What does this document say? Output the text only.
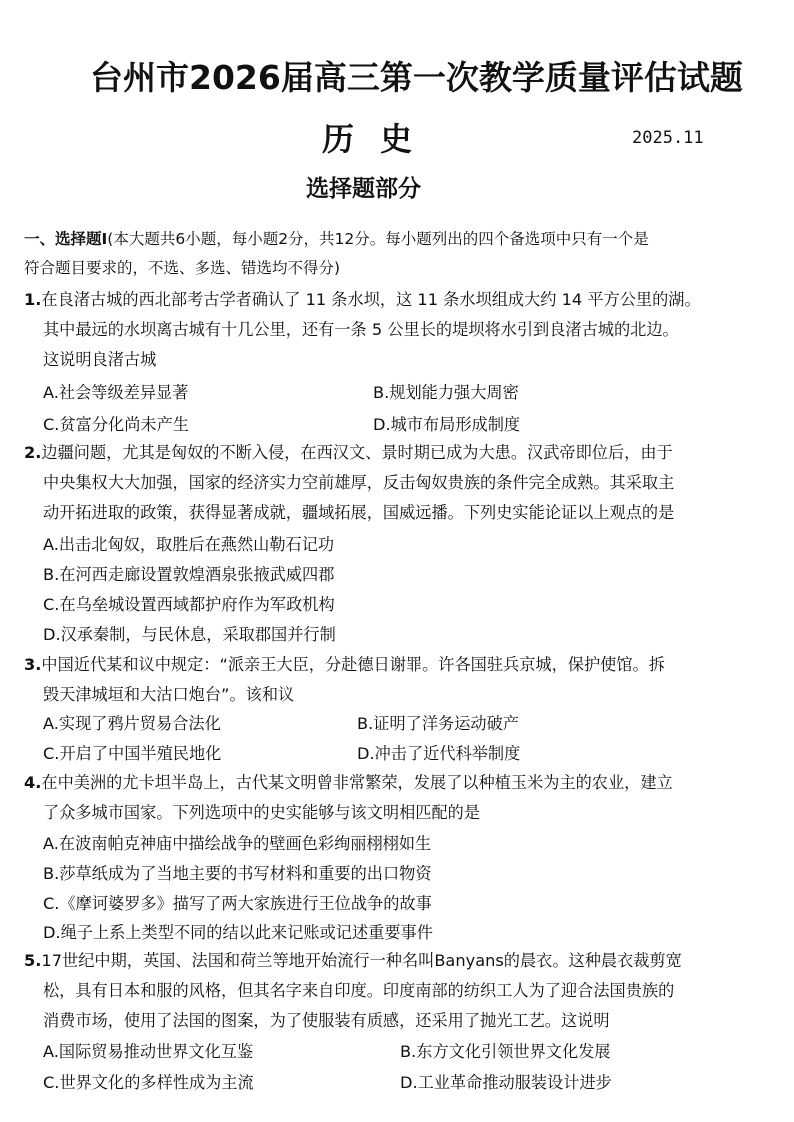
台州市2026届高三第一次教学质量评估试题
历史	2025.11
选择题部分
一、选择题Ⅰ(本大题共6小题，每小题2分，共12分。每小题列出的四个备选项中只有一个是
符合题目要求的，不选、多选、错选均不得分)
1.在良渚古城的西北部考古学者确认了 11 条水坝，这 11 条水坝组成大约 14 平方公里的湖。
其中最远的水坝离古城有十几公里，还有一条 5 公里长的堤坝将水引到良渚古城的北边。
这说明良渚古城
A.社会等级差异显著	B.规划能力强大周密
C.贫富分化尚未产生	D.城市布局形成制度
2.边疆问题，尤其是匈奴的不断入侵，在西汉文、景时期已成为大患。汉武帝即位后，由于
中央集权大大加强，国家的经济实力空前雄厚，反击匈奴贵族的条件完全成熟。其采取主
动开拓进取的政策，获得显著成就，疆域拓展，国威远播。下列史实能论证以上观点的是
A.出击北匈奴，取胜后在燕然山勒石记功
B.在河西走廊设置敦煌酒泉张掖武威四郡
C.在乌垒城设置西域都护府作为军政机构
D.汉承秦制，与民休息，采取郡国并行制
3.中国近代某和议中规定：“派亲王大臣，分赴德日谢罪。许各国驻兵京城，保护使馆。拆
毁天津城垣和大沽口炮台”。该和议
A.实现了鸦片贸易合法化	B.证明了洋务运动破产
C.开启了中国半殖民地化	D.冲击了近代科举制度
4.在中美洲的尤卡坦半岛上，古代某文明曾非常繁荣，发展了以种植玉米为主的农业，建立
了众多城市国家。下列选项中的史实能够与该文明相匹配的是
A.在波南帕克神庙中描绘战争的壁画色彩绚丽栩栩如生
B.莎草纸成为了当地主要的书写材料和重要的出口物资
C.《摩诃婆罗多》描写了两大家族进行王位战争的故事
D.绳子上系上类型不同的结以此来记账或记述重要事件
5.17世纪中期，英国、法国和荷兰等地开始流行一种名叫Banyans的晨衣。这种晨衣裁剪宽
松，具有日本和服的风格，但其名字来自印度。印度南部的纺织工人为了迎合法国贵族的
消费市场，使用了法国的图案，为了使服装有质感，还采用了抛光工艺。这说明
A.国际贸易推动世界文化互鉴	B.东方文化引领世界文化发展
C.世界文化的多样性成为主流	D.工业革命推动服装设计进步
